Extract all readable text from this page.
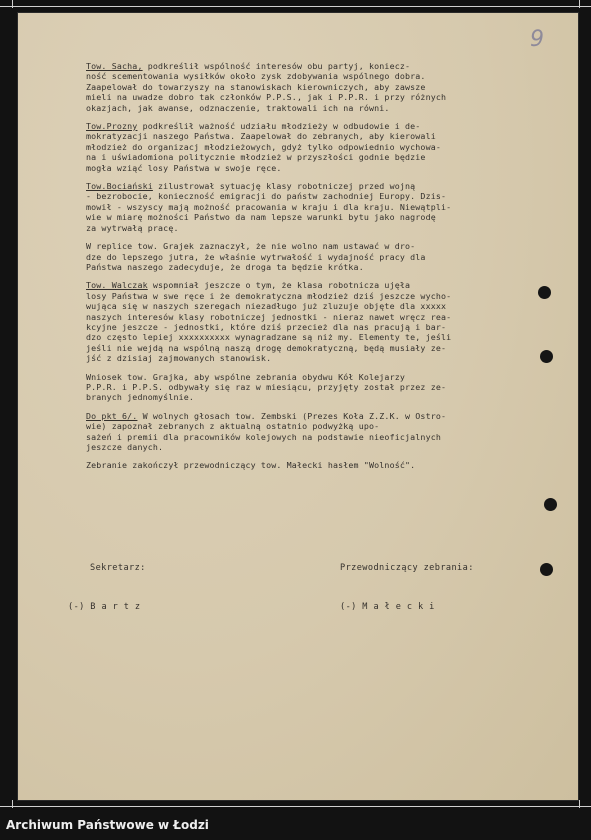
9
Tow. Sacha, podkreślił wspólność interesów obu partyj, koniecz-
ność scementowania wysiłków około zysk zdobywania wspólnego dobra.
Zaapelował do towarzyszy na stanowiskach kierowniczych, aby zawsze
mieli na uwadze dobro tak członków P.P.S., jak i P.P.R. i przy różnych
okazjach, jak awanse, odznaczenie, traktowali ich na równi.
Tow.Prozny podkreślił ważność udziału młodzieży w odbudowie i de-
mokratyzacji naszego Państwa. Zaapelował do zebranych, aby kierowali
młodzież do organizacj młodzieżowych, gdyż tylko odpowiednio wychowa-
na i uświadomiona politycznie młodzież w przyszłości godnie będzie
mogła wziąć losy Państwa w swoje ręce.
Tow.Bociański zilustrował sytuację klasy robotniczej przed wojną
- bezrobocie, konieczność emigracji do państw zachodniej Europy. Dzis-
mowił - wszyscy mają możność pracowania w kraju i dla kraju. Niewątpli-
wie w miarę możności Państwo da nam lepsze warunki bytu jako nagrodę
za wytrwałą pracę.
W replice tow. Grajek zaznaczył, że nie wolno nam ustawać w dro-
dze do lepszego jutra, że właśnie wytrwałość i wydajność pracy dla
Państwa naszego zadecyduje, że droga ta będzie krótka.
Tow. Walczak wspomniał jeszcze o tym, że klasa robotnicza ujęła
losy Państwa w swe ręce i że demokratyczna młodzież dziś jeszcze wycho-
wująca się w naszych szeregach niezadługo już zluzuje objęte dla xxxxx
naszych interesów klasy robotniczej jednostki - nieraz nawet wręcz rea-
kcyjne jeszcze - jednostki, które dziś przecież dla nas pracują i bar-
dzo często lepiej xxxxxxxxxx wynagradzane są niż my. Elementy te, jeśli
jeśli nie wejdą na wspólną naszą drogę demokratyczną, będą musiały ze-
jść z dzisiaj zajmowanych stanowisk.
Wniosek tow. Grajka, aby wspólne zebrania obydwu Kół Kolejarzy
P.P.R. i P.P.S. odbywały się raz w miesiącu, przyjęty został przez ze-
branych jednomyślnie.
Do pkt 6/. W wolnych głosach tow. Zembski (Prezes Koła Z.Z.K. w Ostro-
wie) zapoznał zebranych z aktualną ostatnio podwyżką upo-
sażeń i premii dla pracowników kolejowych na podstawie nieoficjalnych
jeszcze danych.
Zebranie zakończył przewodniczący tow. Małecki hasłem "Wolność".
Sekretarz:	Przewodniczący zebrania:
(-) B a r t z	(-) M a ł e c k i
Archiwum Państwowe w Łodzi
